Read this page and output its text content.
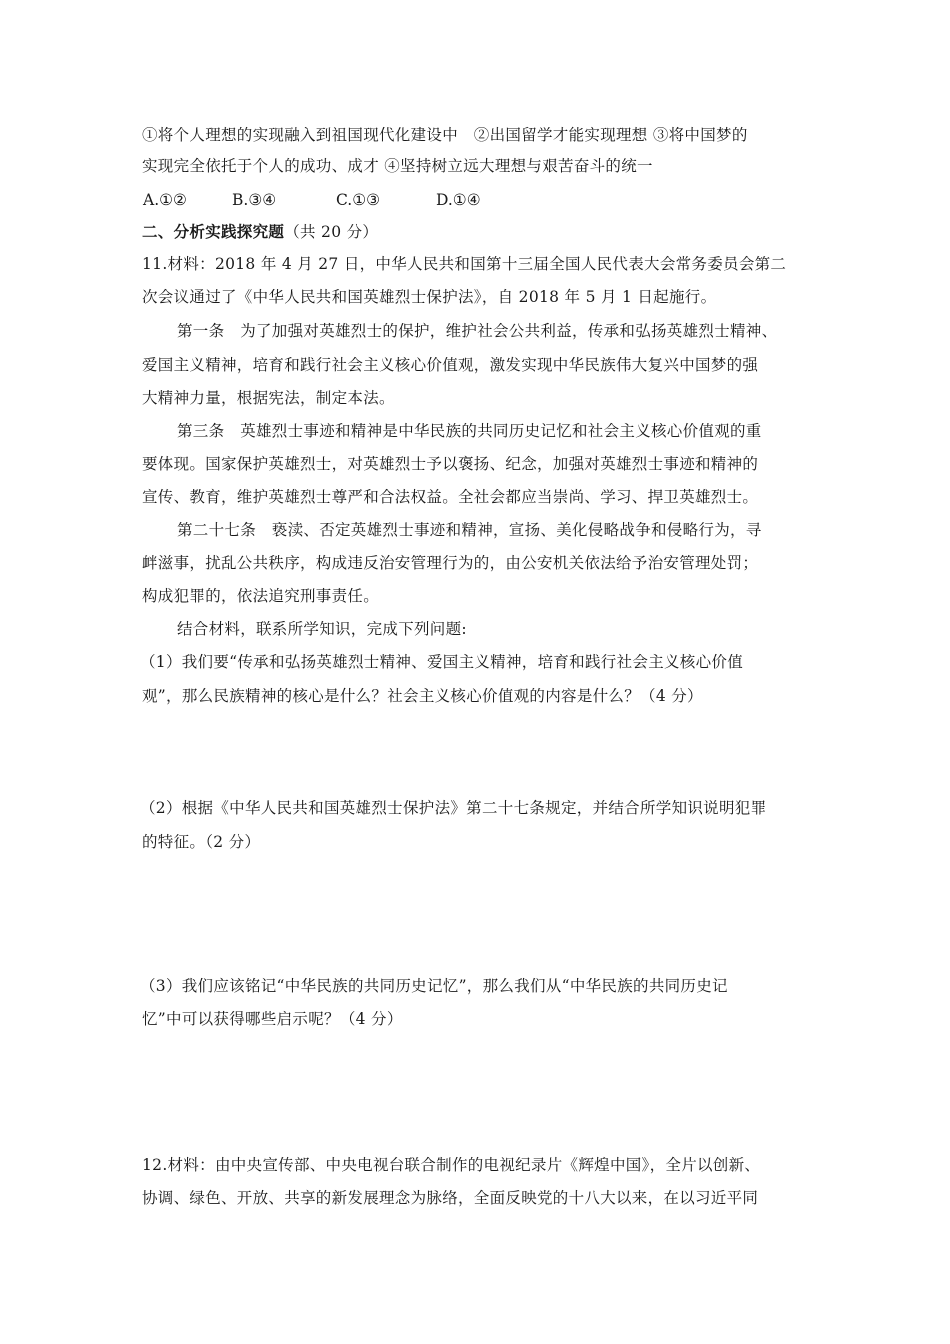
①将个人理想的实现融入到祖国现代化建设中　②出国留学才能实现理想 ③将中国梦的
实现完全依托于个人的成功、成才 ④坚持树立远大理想与艰苦奋斗的统一
A.①②	B.③④	C.①③	D.①④
二、分析实践探究题（共 20 分）
11.材料：2018 年 4 月 27 日，中华人民共和国第十三届全国人民代表大会常务委员会第二
次会议通过了《中华人民共和国英雄烈士保护法》，自 2018 年 5 月 1 日起施行。
第一条　为了加强对英雄烈士的保护，维护社会公共利益，传承和弘扬英雄烈士精神、
爱国主义精神，培育和践行社会主义核心价值观，激发实现中华民族伟大复兴中国梦的强
大精神力量，根据宪法，制定本法。
第三条　英雄烈士事迹和精神是中华民族的共同历史记忆和社会主义核心价值观的重
要体现。国家保护英雄烈士，对英雄烈士予以褒扬、纪念，加强对英雄烈士事迹和精神的
宣传、教育，维护英雄烈士尊严和合法权益。全社会都应当崇尚、学习、捍卫英雄烈士。
第二十七条　亵渎、否定英雄烈士事迹和精神，宣扬、美化侵略战争和侵略行为，寻
衅滋事，扰乱公共秩序，构成违反治安管理行为的，由公安机关依法给予治安管理处罚；
构成犯罪的，依法追究刑事责任。
结合材料，联系所学知识，完成下列问题:
（1）我们要“传承和弘扬英雄烈士精神、爱国主义精神，培育和践行社会主义核心价值
观”，那么民族精神的核心是什么？社会主义核心价值观的内容是什么？（4 分）
（2）根据《中华人民共和国英雄烈士保护法》第二十七条规定，并结合所学知识说明犯罪
的特征。（2 分）
（3）我们应该铭记“中华民族的共同历史记忆”，那么我们从“中华民族的共同历史记
忆”中可以获得哪些启示呢？（4 分）
12.材料：由中央宣传部、中央电视台联合制作的电视纪录片《辉煌中国》，全片以创新、
协调、绿色、开放、共享的新发展理念为脉络，全面反映党的十八大以来，在以习近平同
